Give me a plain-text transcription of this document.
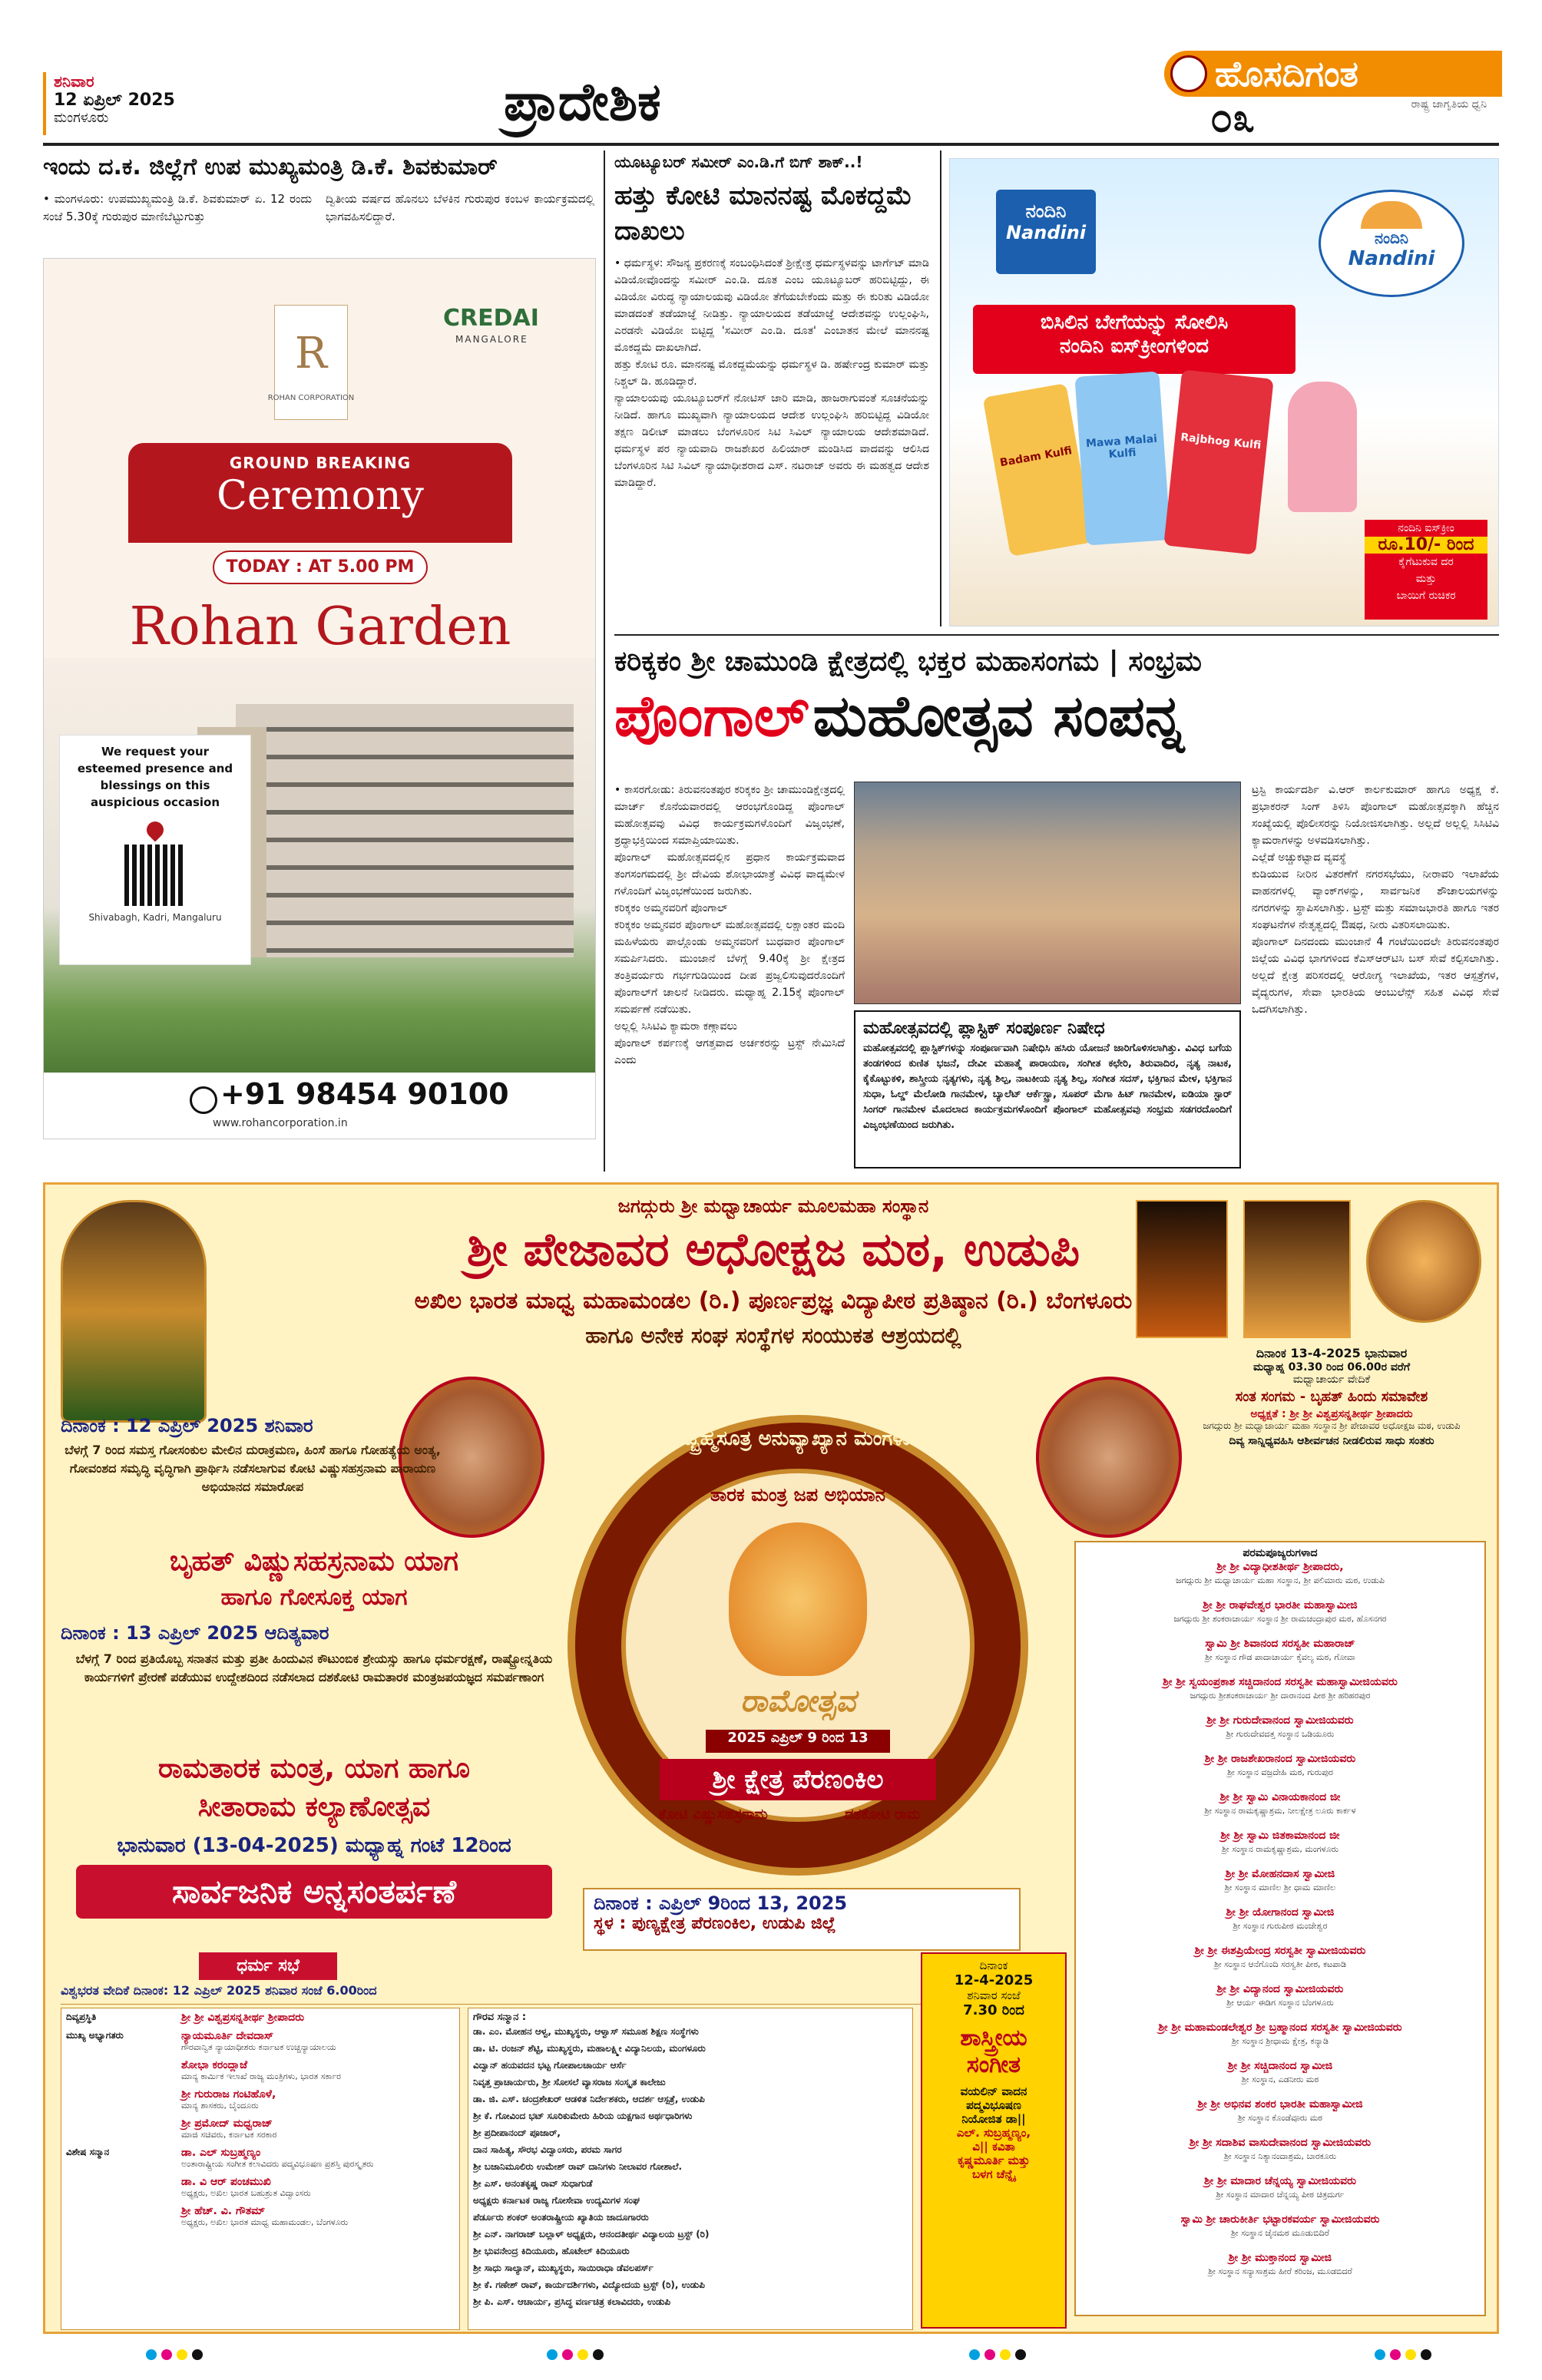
ಶನಿವಾರ
12 ಏಪ್ರಿಲ್ 2025
ಮಂಗಳೂರು	ಪ್ರಾದೇಶಿಕ	ಹೊಸದಿಗಂತ
ರಾಷ್ಟ್ರ ಜಾಗೃತಿಯ ಧ್ವನಿ
೦೩
ಇಂದು ದ.ಕ. ಜಿಲ್ಲೆಗೆ ಉಪ ಮುಖ್ಯಮಂತ್ರಿ ಡಿ.ಕೆ. ಶಿವಕುಮಾರ್
• ಮಂಗಳೂರು: ಉಪಮುಖ್ಯಮಂತ್ರಿ ಡಿ.ಕೆ. ಶಿವಕುಮಾರ್ ಏ. 12 ರಂದು ಸಂಜೆ 5.30ಕ್ಕೆ ಗುರುಪುರ ಮಾಣಿಬೆಟ್ಟುಗುತ್ತು
ದ್ವಿತೀಯ ವರ್ಷದ ಹೊನಲು ಬೆಳಕಿನ ಗುರುಪುರ ಕಂಬಳ ಕಾರ್ಯಕ್ರಮದಲ್ಲಿ ಭಾಗವಹಿಸಲಿದ್ದಾರೆ.
R
ROHAN CORPORATION
CREDAI
MANGALORE
GROUND BREAKING
Ceremony
TODAY : AT 5.00 PM
Rohan Garden
We request your esteemed presence and blessings on this auspicious occasion
Shivabagh, Kadri, Mangaluru
+91 98454 90100
www.rohancorporation.in
ಯೂಟ್ಯೂಬರ್ ಸಮೀರ್ ಎಂ.ಡಿ.ಗೆ ಬಿಗ್ ಶಾಕ್..!
ಹತ್ತು ಕೋಟಿ ಮಾನನಷ್ಟ ಮೊಕದ್ದಮೆ ದಾಖಲು
• ಧರ್ಮಸ್ಥಳ: ಸೌಜನ್ಯ ಪ್ರಕರಣಕ್ಕೆ ಸಂಬಂಧಿಸಿದಂತೆ ಶ್ರೀಕ್ಷೇತ್ರ ಧರ್ಮಸ್ಥಳವನ್ನು ಟಾರ್ಗೆಟ್ ಮಾಡಿ ವಿಡಿಯೋವೊಂದನ್ನು ಸಮೀರ್ ಎಂ.ಡಿ. ದೂತ ಎಂಬ ಯೂಟ್ಯೂಬರ್ ಹರಿಬಿಟ್ಟಿದ್ದು, ಈ ವಿಡಿಯೋ ವಿರುದ್ಧ ನ್ಯಾಯಾಲಯವು ವಿಡಿಯೋ ತೆಗೆಯಬೇಕೆಂದು ಮತ್ತು ಈ ಕುರಿತು ವಿಡಿಯೋ ಮಾಡದಂತೆ ತಡೆಯಾಜ್ಞೆ ನೀಡಿತ್ತು. ನ್ಯಾಯಾಲಯದ ತಡೆಯಾಜ್ಞೆ ಆದೇಶವನ್ನು ಉಲ್ಲಂಘಿಸಿ, ಎರಡನೇ ವಿಡಿಯೋ ಬಿಟ್ಟಿದ್ದ 'ಸಮೀರ್ ಎಂ.ಡಿ. ದೂತ' ಎಂಬಾತನ ಮೇಲೆ ಮಾನನಷ್ಟ ಮೊಕದ್ದಮೆ ದಾಖಲಾಗಿದೆ.
ಹತ್ತು ಕೋಟಿ ರೂ. ಮಾನನಷ್ಟ ಮೊಕದ್ದಮೆಯನ್ನು ಧರ್ಮಸ್ಥಳ ಡಿ. ಹರ್ಷೇಂದ್ರ ಕುಮಾರ್ ಮತ್ತು ನಿಶ್ಚಲ್ ಡಿ. ಹೂಡಿದ್ದಾರೆ.
ನ್ಯಾಯಾಲಯವು ಯೂಟ್ಯೂಬರ್‌ಗೆ ನೋಟಿಸ್ ಜಾರಿ ಮಾಡಿ, ಹಾಜರಾಗುವಂತೆ ಸೂಚನೆಯನ್ನು ನೀಡಿದೆ. ಹಾಗೂ ಮುಖ್ಯವಾಗಿ ನ್ಯಾಯಾಲಯದ ಆದೇಶ ಉಲ್ಲಂಘಿಸಿ ಹರಿಬಿಟ್ಟಿದ್ದ ವಿಡಿಯೋ ತಕ್ಷಣ ಡಿಲೀಟ್ ಮಾಡಲು ಬೆಂಗಳೂರಿನ ಸಿಟಿ ಸಿವಿಲ್ ನ್ಯಾಯಾಲಯ ಆದೇಶಮಾಡಿದೆ. ಧರ್ಮಸ್ಥಳ ಪರ ನ್ಯಾಯವಾದಿ ರಾಜಶೇಖರ ಹಿಲಿಯಾರ್ ಮಂಡಿಸಿದ ವಾದವನ್ನು ಆಲಿಸಿದ ಬೆಂಗಳೂರಿನ ಸಿಟಿ ಸಿವಿಲ್ ನ್ಯಾಯಾಧೀಶರಾದ ಎಸ್. ನಟರಾಜ್ ಅವರು ಈ ಮಹತ್ವದ ಆದೇಶ ಮಾಡಿದ್ದಾರೆ.
ನಂದಿನಿ
Nandini	ನಂದಿನಿ
Nandini
ಬಿಸಿಲಿನ ಬೇಗೆಯನ್ನು ಸೋಲಿಸಿ
ನಂದಿನಿ ಐಸ್‌ಕ್ರೀಂಗಳಿಂದ
Badam Kulfi
Mawa Malai Kulfi
Rajbhog Kulfi
ನಂದಿನಿ ಐಸ್‌ಕ್ರೀಂ
ರೂ.10/- ರಿಂದ
ಕೈಗೆಟುಕುವ ದರ
ಮತ್ತು
ಬಾಯಿಗೆ ರುಚಿಕರ
ಕರಿಕ್ಕಕಂ ಶ್ರೀ ಚಾಮುಂಡಿ ಕ್ಷೇತ್ರದಲ್ಲಿ ಭಕ್ತರ ಮಹಾಸಂಗಮ | ಸಂಭ್ರಮ
ಪೊಂಗಾಲ್ ಮಹೋತ್ಸವ ಸಂಪನ್ನ
• ಕಾಸರಗೋಡು: ತಿರುವನಂತಪುರ ಕರಿಕ್ಕಕಂ ಶ್ರೀ ಚಾಮುಂಡಿಕ್ಷೇತ್ರದಲ್ಲಿ ಮಾರ್ಚ್ ಕೊನೆಯವಾರದಲ್ಲಿ ಆರಂಭಗೊಂಡಿದ್ದ ಪೊಂಗಾಲ್ ಮಹೋತ್ಸವವು ವಿವಿಧ ಕಾರ್ಯಕ್ರಮಗಳೊಂದಿಗೆ ವಿಜೃಂಭಣೆ, ಶ್ರದ್ಧಾಭಕ್ತಿಯಿಂದ ಸಮಾಪ್ತಿಯಾಯಿತು.
ಪೊಂಗಾಲ್ ಮಹೋತ್ಸವದಲ್ಲಿನ ಪ್ರಧಾನ ಕಾರ್ಯಕ್ರಮವಾದ ತಂಗಸಂಗಮದಲ್ಲಿ ಶ್ರೀ ದೇವಿಯ ಶೋಭಾಯಾತ್ರೆ ವಿವಿಧ ವಾದ್ಯಮೇಳ ಗಳೊಂದಿಗೆ ವಿಜೃಂಭಣೆಯಿಂದ ಜರುಗಿತು.
ಕರಿಕ್ಕಕಂ ಅಮ್ಮನವರಿಗೆ ಪೊಂಗಾಲ್
ಕರಿಕ್ಕಕಂ ಅಮ್ಮನವರ ಪೊಂಗಾಲ್ ಮಹೋತ್ಸವದಲ್ಲಿ ಲಕ್ಷಾಂತರ ಮಂದಿ ಮಹಿಳೆಯರು ಪಾಲ್ಗೊಂಡು ಅಮ್ಮನವರಿಗೆ ಬುಧವಾರ ಪೊಂಗಾಲ್ ಸಮರ್ಪಿಸಿದರು. ಮುಂಜಾನೆ ಬೆಳಗ್ಗೆ 9.40ಕ್ಕೆ ಶ್ರೀ ಕ್ಷೇತ್ರದ ತಂತ್ರಿವರ್ಯರು ಗರ್ಭಗುಡಿಯಿಂದ ದೀಪ ಪ್ರಜ್ವಲಿಸುವುದರೊಂದಿಗೆ ಪೊಂಗಾಲ್‌ಗೆ ಚಾಲನೆ ನೀಡಿದರು. ಮಧ್ಯಾಹ್ನ 2.15ಕ್ಕೆ ಪೊಂಗಾಲ್ ಸಮರ್ಪಣೆ ನಡೆಯಿತು.
ಅಲ್ಲಲ್ಲಿ ಸಿಸಿಟಿವಿ ಕ್ಯಾಮರಾ ಕಣ್ಗಾವಲು
ಪೊಂಗಾಲ್ ಕರ್ಪಣಕ್ಕೆ ಆಗತ್ತವಾದ ಅರ್ಚಕರನ್ನು ಟ್ರಸ್ಟ್ ನೇಮಿಸಿದೆ ಎಂದು
ಮಹೋತ್ಸವದಲ್ಲಿ ಪ್ಲಾಸ್ಟಿಕ್ ಸಂಪೂರ್ಣ ನಿಷೇಧ
ಮಹೋತ್ಸವದಲ್ಲಿ ಪ್ಲಾಸ್ಟಿಕ್‌ಗಳನ್ನು ಸಂಪೂರ್ಣವಾಗಿ ನಿಷೇಧಿಸಿ ಹಸಿರು ಯೋಜನೆ ಜಾರಿಗೊಳಿಸಲಾಗಿತ್ತು. ವಿವಿಧ ಬಗೆಯ ತಂಡಗಳಿಂದ ಕುಣಿತ ಭಜನೆ, ದೇವೀ ಮಹಾತ್ಮೆ ಪಾರಾಯಣ, ಸಂಗೀತ ಕಛೇರಿ, ತಿರುವಾದಿರ, ನೃತ್ಯ ನಾಟಕ, ಕೈಕೊಟ್ಟುಕಳಿ, ಶಾಸ್ತ್ರೀಯ ನೃತ್ಯಗಳು, ನೃತ್ಯ ಶಿಲ್ಪ, ನಾಟಕೀಯ ನೃತ್ಯ ಶಿಲ್ಪ, ಸಂಗೀತ ಸದಸ್, ಭಕ್ತಿಗಾನ ಮೇಳ, ಭಕ್ತಿಗಾನ ಸುಧಾ, ಓಲ್ಡ್ ಮೆಲೋಡಿ ಗಾನಮೇಳ, ಬ್ಯಾಲೆಟ್ ಆರ್ಕೆಸ್ಟ್ರಾ, ಸೂಪರ್ ಮೆಗಾ ಹಿಟ್ ಗಾನಮೇಳ, ಐಡಿಯಾ ಸ್ಟಾರ್ ಸಿಂಗರ್ ಗಾನಮೇಳ ಮೊದಲಾದ ಕಾರ್ಯಕ್ರಮಗಳೊಂದಿಗೆ ಪೊಂಗಾಲ್ ಮಹೋತ್ಸವವು ಸಂಭ್ರಮ ಸಡಗರದೊಂದಿಗೆ ವಿಜೃಂಭಣೆಯಿಂದ ಜರುಗಿತು.
ಟ್ರಸ್ಟಿ ಕಾರ್ಯದರ್ಶಿ ವಿ.ಆರ್‌ ಕಾರ್ಲಕುಮಾರ್ ಹಾಗೂ ಅಧ್ಯಕ್ಷ ಕೆ. ಪ್ರಭಾಕರನ್‌ ಸಿಂಗ್ ತಿಳಿಸಿ ಪೊಂಗಾಲ್ ಮಹೋತ್ಸವಕ್ಕಾಗಿ ಹೆಚ್ಚಿನ ಸಂಖ್ಯೆಯಲ್ಲಿ ಪೊಲೀಸರನ್ನು ನಿಯೋಜಿಸಲಾಗಿತ್ತು. ಅಲ್ಲದೆ ಅಲ್ಲಲ್ಲಿ ಸಿಸಿಟಿವಿ ಕ್ಯಾಮರಾಗಳನ್ನು ಅಳವಡಿಸಲಾಗಿತ್ತು.
ಎಲ್ಲೆಡೆ ಅಚ್ಚುಕಟ್ಟಾದ ವ್ಯವಸ್ಥೆ
ಕುಡಿಯುವ ನೀರಿನ ವಿತರಣೆಗೆ ನಗರಸಭೆಯು, ನೀರಾವರಿ ಇಲಾಖೆಯ ವಾಹನಗಳಲ್ಲಿ ವ್ಯಾಂಕ್‌ಗಳನ್ನು, ಸಾರ್ವಜನಿಕ ಶೌಚಾಲಯಗಳನ್ನು ನಗರಗಳನ್ನು ಸ್ಥಾಪಿಸಲಾಗಿತ್ತು. ಟ್ರಸ್ಟ್ ಮತ್ತು ಸಮಾಜಭಾರತಿ ಹಾಗೂ ಇತರ ಸಂಘಟನೆಗಳ ನೇತೃತ್ವದಲ್ಲಿ ಔಷಧ, ನೀರು ವಿತರಿಸಲಾಯಿತು.
ಪೊಂಗಾಲ್ ದಿನದಂದು ಮುಂಜಾನೆ 4 ಗಂಟೆಯಿಂದಲೇ ತಿರುವನಂತಪುರ ಜಿಲ್ಲೆಯ ವಿವಿಧ ಭಾಗಗಳಿಂದ ಕೆಎಸ್‌ಆರ್‌ಟಿಸಿ ಬಸ್ ಸೇವೆ ಕಲ್ಪಿಸಲಾಗಿತ್ತು. ಅಲ್ಲದೆ ಕ್ಷೇತ್ರ ಪರಿಸರದಲ್ಲಿ ಆರೋಗ್ಯ ಇಲಾಖೆಯ, ಇತರ ಆಸ್ಪತ್ರೆಗಳ, ವೈದ್ಯರುಗಳ, ಸೇವಾ ಭಾರತಿಯ ಆಂಬುಲೆನ್ಸ್ ಸಹಿತ ವಿವಿಧ ಸೇವೆ ಒದಗಿಸಲಾಗಿತ್ತು.
ಜಗದ್ಗುರು ಶ್ರೀ ಮಧ್ವಾಚಾರ್ಯ ಮೂಲಮಹಾ ಸಂಸ್ಥಾನ
ಶ್ರೀ ಪೇಜಾವರ ಅಧೋಕ್ಷಜ ಮಠ, ಉಡುಪಿ
ಅಖಿಲ ಭಾರತ ಮಾಧ್ವ ಮಹಾಮಂಡಲ (ರಿ.) ಪೂರ್ಣಪ್ರಜ್ಞ ವಿದ್ಯಾಪೀಠ ಪ್ರತಿಷ್ಠಾನ (ರಿ.) ಬೆಂಗಳೂರು
ಹಾಗೂ ಅನೇಕ ಸಂಘ ಸಂಸ್ಥೆಗಳ ಸಂಯುಕತ ಆಶ್ರಯದಲ್ಲಿ
ದಿನಾಂಕ : 12 ಎಪ್ರಿಲ್ 2025 ಶನಿವಾರ
ಬೆಳಗ್ಗೆ 7 ರಿಂದ ಸಮಸ್ತ ಗೋಸಂಕುಲ ಮೇಲಿನ ದುರಾಕ್ರಮಣ, ಹಿಂಸೆ ಹಾಗೂ ಗೋಹತ್ಯೆಯ ಅಂತ್ಯ, ಗೋವಂಶದ ಸಮೃದ್ಧಿ ವೃದ್ಧಿಗಾಗಿ ಪ್ರಾರ್ಥಿಸಿ ನಡೆಸಲಾಗುವ ಕೋಟಿ ವಿಷ್ಣುಸಹಸ್ರನಾಮ ಪಾರಾಯಣ ಅಭಿಯಾನದ ಸಮಾರೋಪ
ಬೃಹತ್ ವಿಷ್ಣುಸಹಸ್ರನಾಮ ಯಾಗ
ಹಾಗೂ ಗೋಸೂಕ್ತ ಯಾಗ
ದಿನಾಂಕ : 13 ಎಪ್ರಿಲ್ 2025 ಆದಿತ್ಯವಾರ
ಬೆಳಗ್ಗೆ 7 ರಿಂದ ಪ್ರತಿಯೊಬ್ಬ ಸನಾತನ ಮತ್ತು ಪ್ರತೀ ಹಿಂದುವಿನ ಕೌಟುಂಬಿಕ ಶ್ರೇಯಸ್ಸು ಹಾಗೂ ಧರ್ಮರಕ್ಷಣೆ, ರಾಷ್ಟ್ರೋನ್ನತಿಯ ಕಾರ್ಯಗಳಿಗೆ ಪ್ರೇರಣೆ ಪಡೆಯುವ ಉದ್ದೇಶದಿಂದ ನಡೆಸಲಾದ ದಶಕೋಟಿ ರಾಮತಾರಕ ಮಂತ್ರಜಪಯಜ್ಞದ ಸಮರ್ಪಣಾಂಗ
ರಾಮತಾರಕ ಮಂತ್ರ, ಯಾಗ ಹಾಗೂ
ಸೀತಾರಾಮ ಕಲ್ಯಾಣೋತ್ಸವ
ಭಾನುವಾರ (13-04-2025) ಮಧ್ಯಾಹ್ನ ಗಂಟೆ 12ರಿಂದ
ಸಾರ್ವಜನಿಕ ಅನ್ನಸಂತರ್ಪಣೆ
ಶ್ರೀಮದ್ಬ್ರಹ್ಮಸೂತ್ರ ಅನುವ್ಯಾಖ್ಯಾನ ಮಂಗಳೋತ್ಸವ
ತಾರಕ ಮಂತ್ರ ಜಪ ಅಭಿಯಾನ
ಕೋಟಿ ವಿಷ್ಣುಸಹಸ್ರನಾಮ	ದಶಕೋಟಿ ರಾಮ
ರಾಮೋತ್ಸವ
2025 ಎಪ್ರಿಲ್ 9 ರಿಂದ 13
ಶ್ರೀ ಕ್ಷೇತ್ರ ಪೆರಣಂಕಿಲ
ದಿನಾಂಕ : ಎಪ್ರಿಲ್ 9ರಿಂದ 13, 2025
ಸ್ಥಳ : ಪುಣ್ಯಕ್ಷೇತ್ರ ಪೆರಣಂಕಿಲ, ಉಡುಪಿ ಜಿಲ್ಲೆ
ದಿನಾಂಕ 13-4-2025 ಭಾನುವಾರ
ಮಧ್ಯಾಹ್ನ 03.30 ರಿಂದ 06.00ರ ವರೆಗೆ
ಮಧ್ವಾಚಾರ್ಯ ವೇದಿಕೆ
ಸಂತ ಸಂಗಮ - ಬೃಹತ್ ಹಿಂದು ಸಮಾವೇಶ
ಅಧ್ಯಕ್ಷತೆ : ಶ್ರೀ ಶ್ರೀ ವಿಶ್ವಪ್ರಸನ್ನತೀರ್ಥ ಶ್ರೀಪಾದರು
ಜಗದ್ಗುರು ಶ್ರೀ ಮಧ್ವಾಚಾರ್ಯ ಮಹಾ ಸಂಸ್ಥಾನ ಶ್ರೀ ಪೇಜಾವರ ಅಧೋಕ್ಷಜ ಮಠ, ಉಡುಪಿ
ದಿವ್ಯ ಸಾನ್ನಿಧ್ಯವಹಿಸಿ ಆಶೀರ್ವಚನ ನೀಡಲಿರುವ ಸಾಧು ಸಂತರು
ಪರಮಪೂಜ್ಯರುಗಳಾದ
ಶ್ರೀ ಶ್ರೀ ವಿದ್ಯಾಧೀಶತೀರ್ಥ ಶ್ರೀಪಾದರು,
ಜಗದ್ಗುರು ಶ್ರೀ ಮಧ್ವಾಚಾರ್ಯ ಮಹಾ ಸಂಸ್ಥಾನ, ಶ್ರೀ ಪಲಿಮಾರು ಮಠ, ಉಡುಪಿ
ಶ್ರೀ ಶ್ರೀ ರಾಘವೇಶ್ವರ ಭಾರತೀ ಮಹಾಸ್ವಾಮೀಜಿ
ಜಗದ್ಗುರು ಶ್ರೀ ಶಂಕರಾಚಾರ್ಯ ಸಂಸ್ಥಾನ ಶ್ರೀ ರಾಮಚಂದ್ರಾಪುರ ಮಠ, ಹೊಸನಗರ
ಸ್ವಾಮಿ ಶ್ರೀ ಶಿವಾನಂದ ಸರಸ್ವತೀ ಮಹಾರಾಜ್
ಶ್ರೀ ಸಂಸ್ಥಾನ ಗೌಡ ಪಾದಾಚಾರ್ಯ ಕೈವಲ್ಯ ಮಠ, ಗೋವಾ
ಶ್ರೀ ಶ್ರೀ ಸ್ವಯಂಪ್ರಕಾಶ ಸಚ್ಚಿದಾನಂದ ಸರಸ್ವತೀ ಮಹಾಸ್ವಾಮೀಜಿಯವರು
ಜಗದ್ಗುರು ಶ್ರೀಶಂಕರಾಚಾರ್ಯ ಶ್ರೀ ದಾರಾನಂದ ಪೀಠ ಶ್ರೀ ಹರಿಹರಪುರ
ಶ್ರೀ ಶ್ರೀ ಗುರುದೇವಾನಂದ ಸ್ವಾಮೀಜಿಯವರು
ಶ್ರೀ ಗುರುದೇವದತ್ತ ಸಂಸ್ಥಾನ ಒಡಿಯೂರು
ಶ್ರೀ ಶ್ರೀ ರಾಜಶೇಖರಾನಂದ ಸ್ವಾಮೀಜಿಯವರು
ಶ್ರೀ ಸಂಸ್ಥಾನ ವಜ್ರದೇಹಿ ಮಠ, ಗುರುಪುರ
ಶ್ರೀ ಶ್ರೀ ಸ್ವಾಮಿ ವಿನಾಯಕಾನಂದ ಜೀ
ಶ್ರೀ ಸಂಸ್ಥಾನ ರಾಮಕೃಷ್ಣಾಶ್ರಮ, ನೀಲಕ್ಷೇತ್ರ ಲೂರು ಕಾರ್ಕಳ
ಶ್ರೀ ಶ್ರೀ ಸ್ವಾಮಿ ಜಿತಕಾಮಾನಂದ ಜೀ
ಶ್ರೀ ಸಂಸ್ಥಾನ ರಾಮಕೃಷ್ಣಾಶ್ರಮ, ಮಂಗಳೂರು
ಶ್ರೀ ಶ್ರೀ ಮೋಹನದಾಸ ಸ್ವಾಮೀಜಿ
ಶ್ರೀ ಸಂಸ್ಥಾನ ಮಾಣಿಲ ಶ್ರೀ ಧಾಮ ಮಾಣಿಲ
ಶ್ರೀ ಶ್ರೀ ಯೋಗಾನಂದ ಸ್ವಾಮೀಜಿ
ಶ್ರೀ ಸಂಸ್ಥಾನ ಗುರುಪೀಠ ಮಂಜೇಶ್ವರ
ಶ್ರೀ ಶ್ರೀ ಈಶಪ್ರಿಯೇಂದ್ರ ಸರಸ್ವತೀ ಸ್ವಾಮೀಜಿಯವರು
ಶ್ರೀ ಸಂಸ್ಥಾನ ಆನೆಗೊಂದಿ ಸರಸ್ವತೀ ಪೀಠ, ಕಟಪಾಡಿ
ಶ್ರೀ ಶ್ರೀ ವಿದ್ಯಾನಂದ ಸ್ವಾಮೀಜಿಯವರು
ಶ್ರೀ ಆರ್ಯ ಈಡಿಗ ಸಂಸ್ಥಾನ ಬೆಂಗಳೂರು
ಶ್ರೀ ಶ್ರೀ ಮಹಾಮಂಡಲೇಶ್ವರ ಶ್ರೀ ಬ್ರಹ್ಮಾನಂದ ಸರಸ್ವತೀ ಸ್ವಾಮೀಜಿಯವರು
ಶ್ರೀ ಸಂಸ್ಥಾನ ಶ್ರೀಧಾಮ ಕ್ಷೇತ್ರ, ಕನ್ಯಾಡಿ
ಶ್ರೀ ಶ್ರೀ ಸಚ್ಚಿದಾನಂದ ಸ್ವಾಮೀಜಿ
ಶ್ರೀ ಸಂಸ್ಥಾನ, ಎಡನೀರು ಮಠ
ಶ್ರೀ ಶ್ರೀ ಅಭಿನವ ಶಂಕರ ಭಾರತೀ ಮಹಾಸ್ವಾಮೀಜಿ
ಶ್ರೀ ಸಂಸ್ಥಾನ ಕೊಂಡೆವೂರು ಮಠ
ಶ್ರೀ ಶ್ರೀ ಸದಾಶಿವ ವಾಸುದೇವಾನಂದ ಸ್ವಾಮೀಜಿಯವರು
ಶ್ರೀ ಸಂಸ್ಥಾನ ನಿತ್ಯಾನಂದಾಶ್ರಮ, ಬಾರಕೂರು
ಶ್ರೀ ಶ್ರೀ ಮಾದಾರ ಚೆನ್ನಯ್ಯ ಸ್ವಾಮೀಜಿಯವರು
ಶ್ರೀ ಸಂಸ್ಥಾನ ಮಾದಾರ ಚೆನ್ನಯ್ಯ ಪೀಠ ಚಿತ್ರದುರ್ಗ
ಸ್ವಾಮಿ ಶ್ರೀ ಚಾರುಕೀರ್ತಿ ಭಟ್ಟಾರಕವರ್ಯ ಸ್ವಾಮೀಜಿಯವರು
ಶ್ರೀ ಸಂಸ್ಥಾನ ಜೈನಮಠ ಮೂಡುಬಿದಿರೆ
ಶ್ರೀ ಶ್ರೀ ಮುಕ್ತಾನಂದ ಸ್ವಾಮೀಜಿ
ಶ್ರೀ ಸಂಸ್ಥಾನ ಸನ್ಯಾಸಾಶ್ರಮ ಹೀರೆ ಕರಿಂಜ, ಮೂಡಬಿದರೆ
ಧರ್ಮ ಸಭೆ
ವಿಶ್ವಭರತ ವೇದಿಕೆ ದಿನಾಂಕ: 12 ಎಪ್ರಿಲ್ 2025 ಶನಿವಾರ ಸಂಜೆ 6.00ರಿಂದ
ದಿವ್ಯಪ್ರಸ್ಥಿತಿ	ಶ್ರೀ ಶ್ರೀ ವಿಶ್ವಪ್ರಸನ್ನತೀರ್ಥ ಶ್ರೀಪಾದರು
ಮುಖ್ಯ ಅಭ್ಯಾಗತರು	ನ್ಯಾಯಮೂರ್ತಿ ದೇವದಾಸ್
ಗೌರವಾನ್ವಿತ ನ್ಯಾಯಾಧೀಶರು ಕರ್ನಾಟಕ ಉಚ್ಚನ್ಯಾಯಾಲಯ
ಶೋಭಾ ಕರಂದ್ಲಾಜೆ
ಮಾನ್ಯ ಕಾರ್ಮಿಕ ಇಲಾಖೆ ರಾಜ್ಯ ಮಂತ್ರಿಗಳು, ಭಾರತ ಸರ್ಕಾರ
ಶ್ರೀ ಗುರುರಾಜ ಗಂಟಿಹೊಳೆ,
ಮಾನ್ಯ ಶಾಸಕರು, ಬೈಂದೂರು
ಶ್ರೀ ಪ್ರಮೋದ್ ಮಧ್ವರಾಜ್
ಮಾಜಿ ಸಚಿವರು, ಕರ್ನಾಟಕ ಸರಕಾರ
ವಿಶೇಷ ಸನ್ಮಾನ	ಡಾ. ಎಲ್ ಸುಬ್ರಹ್ಮಣ್ಯಂ
ಅಂತಾರಾಷ್ಟ್ರೀಯ ಸಂಗೀತ ಕಲಾವಿದರು ಪದ್ಮವಿಭೂಷಣ ಪ್ರಶಸ್ತಿ ಪುರಸ್ಕೃತರು
ಡಾ. ವಿ ಆರ್ ಪಂಚಮುಖಿ
ಅಧ್ಯಕ್ಷರು, ಅಖಿಲ ಭಾರತ ಬಹುಶ್ರುತ ವಿದ್ವಾಂಸರು
ಶ್ರೀ ಹೆಚ್. ವಿ. ಗೌತಮ್
ಅಧ್ಯಕ್ಷರು, ಅಖಿಲ ಭಾರತ ಮಾಧ್ವ ಮಹಾಮಂಡಲ, ಬೆಂಗಳೂರು
ಗೌರವ ಸನ್ಮಾನ :
ಡಾ. ಎಂ. ಮೋಹನ ಆಳ್ವ, ಮುಖ್ಯಸ್ಥರು, ಆಳ್ವಾಸ್ ಸಮೂಹ ಶಿಕ್ಷಣ ಸಂಸ್ಥೆಗಳು
ಡಾ. ಟಿ. ರಂಜನ್ ಶೆಟ್ಟಿ, ಮುಖ್ಯಸ್ಥರು, ಮಹಾಲಕ್ಷ್ಮೀ ವಿದ್ಯಾನಿಲಯ, ಮಂಗಳೂರು
ವಿದ್ವಾನ್ ಹಯವದನ ಭಟ್ಟ ಗೋಪಾಲಚಾರ್ಯ ಆರ್ಸೆ
ನಿವೃತ್ತ ಪ್ರಾಚಾರ್ಯರು, ಶ್ರೀ ಸೋಸಲೆ ವ್ಯಾಸರಾಜ ಸಂಸ್ಕೃತ ಕಾಲೇಜು
ಡಾ. ಜಿ. ಎಸ್. ಚಂದ್ರಶೇಖರ್ ಆಡಳಿತ ನಿರ್ದೇಶಕರು, ಆದರ್ಶ ಆಸ್ಪತ್ರೆ, ಉಡುಪಿ
ಶ್ರೀ ಕೆ. ಗೋವಿಂದ ಭಟ್ ಸೂರಿಕುಮೇರು ಹಿರಿಯ ಯಕ್ಷಗಾನ ಅರ್ಥಧಾರಿಗಳು
ಶ್ರೀ ಪ್ರದೀಪಾನಂದ್ ಪೂಜಾರ್,
ದಾನ ಸಾಹಿತ್ಯ, ಸೌರಭ ವಿದ್ವಾಂಸರು, ಪರಮ ಸಾಗರ
ಶ್ರೀ ಬಜಾನಿಮೂಲಿರು ಉಮೇಶ್ ರಾವ್ ದಾನಿಗಳು ನೀಲಾವರ ಗೋಶಾಲೆ.
ಶ್ರೀ ಎಸ್. ಅನಂತಕೃಷ್ಣ ರಾವ್ ಸುಧಾಗುಡೆ
ಅಧ್ಯಕ್ಷರು ಕರ್ನಾಟಕ ರಾಜ್ಯ ಗೋಸೇವಾ ಉದ್ಯಮಿಗಳ ಸಂಘ
ಪೆರ್ಡೂರು ಶಂಕರ್ ಅಂತರಾಷ್ಟ್ರೀಯ ಖ್ಯಾತಿಯ ಜಾದೂಗಾರರು
ಶ್ರೀ ಎನ್. ನಾಗರಾಜ್ ಬಲ್ಲಾಳ್ ಅಧ್ಯಕ್ಷರು, ಆನಂದತೀರ್ಥ ವಿದ್ಯಾಲಯ ಟ್ರಸ್ಟ್ (ರಿ)
ಶ್ರೀ ಭುವನೇಂದ್ರ ಕಿದಿಯೂರು, ಹೊಟೇಲ್ ಕಿದಿಯೂರು
ಶ್ರೀ ಸಾಧು ಸಾಲ್ಯಾನ್, ಮುಖ್ಯಸ್ಥರು, ಸಾಯಿರಾಧಾ ಡೆವಲಪರ್ಸ್
ಶ್ರೀ ಕೆ. ಗಣೇಶ್ ರಾವ್, ಕಾರ್ಯದರ್ಶಿಗಳು, ವಿದ್ಯೋದಯ ಟ್ರಸ್ಟ್ (ರಿ), ಉಡುಪಿ
ಶ್ರೀ ಪಿ. ಎಸ್. ಆಚಾರ್ಯ, ಪ್ರಸಿದ್ಧ ವರ್ಣಚಿತ್ರ ಕಲಾವಿದರು, ಉಡುಪಿ
ದಿನಾಂಕ
12-4-2025
ಶನಿವಾರ ಸಂಜೆ
7.30 ರಿಂದ
ಶಾಸ್ತ್ರೀಯ
ಸಂಗೀತ
ವಯಲಿನ್ ವಾದನ
ಪದ್ಮವಿಭೂಷಣ
ನಿಯೋಜಿತ ಡಾ||
ಎಲ್. ಸುಬ್ರಹ್ಮಣ್ಯಂ,
ವಿ|| ಕವಿತಾ
ಕೃಷ್ಣಮೂರ್ತಿ ಮತ್ತು
ಬಳಗ ಚೆನ್ನೈ
